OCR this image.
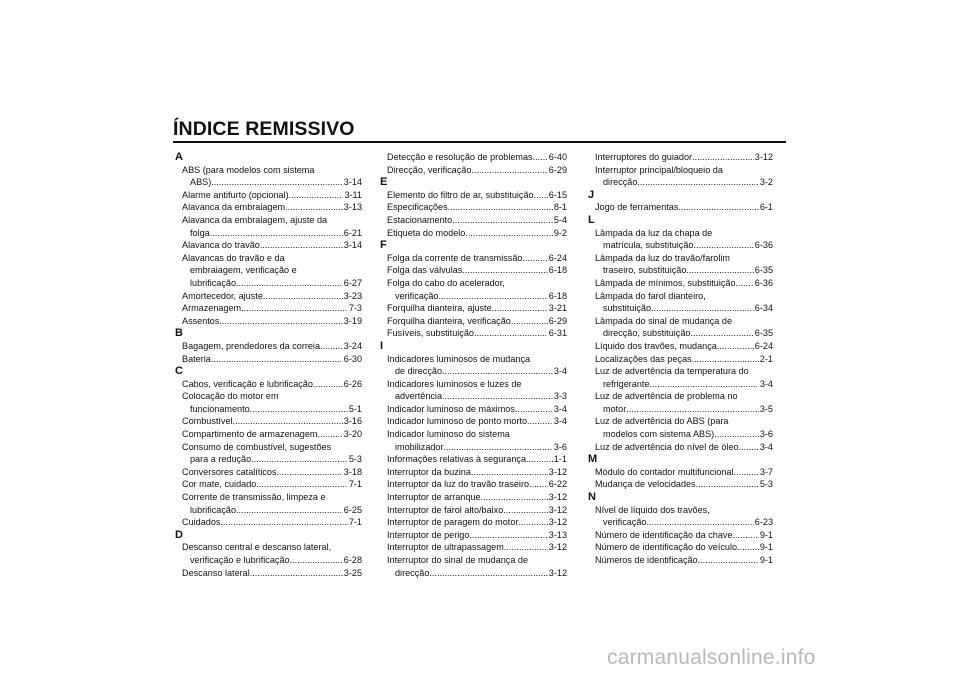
ÍNDICE REMISSIVO
A
ABS (para modelos com sistema
ABS) .....	3-14
Alarme antifurto (opcional) .....	3-11
Alavanca da embraiagem .....	3-13
Alavanca da embraiagem, ajuste da
folga .....	6-21
Alavanca do travão .....	3-14
Alavancas do travão e da
embraiagem, verificação e
lubrificação .....	6-27
Amortecedor, ajuste .....	3-23
Armazenagem .....	7-3
Assentos .....	3-19
B
Bagagem, prendedores da correia .....	3-24
Bateria .....	6-30
C
Cabos, verificação e lubrificação .....	6-26
Colocação do motor em
funcionamento .....	5-1
Combustível .....	3-16
Compartimento de armazenagem .....	3-20
Consumo de combustível, sugestões
para a redução .....	5-3
Conversores catalíticos .....	3-18
Cor mate, cuidado .....	7-1
Corrente de transmissão, limpeza e
lubrificação .....	6-25
Cuidados .....	7-1
D
Descanso central e descanso lateral,
verificação e lubrificação .....	6-28
Descanso lateral .....	3-25
Detecção e resolução de problemas ..... 6-40
Direcção, verificação .....	6-29
E
Elemento do filtro de ar, substituição ..... 6-15
Especificações .....	8-1
Estacionamento .....	5-4
Etiqueta do modelo .....	9-2
F
Folga da corrente de transmissão .....	6-24
Folga das válvulas .....	6-18
Folga do cabo do acelerador,
verificação .....	6-18
Forquilha dianteira, ajuste .....	3-21
Forquilha dianteira, verificação .....	6-29
Fusíveis, substituição .....	6-31
I
Indicadores luminosos de mudança
de direcção .....	3-4
Indicadores luminosos e luzes de
advertência .....	3-3
Indicador luminoso de máximos .....	3-4
Indicador luminoso de ponto morto .....	3-4
Indicador luminoso do sistema
imobilizador .....	3-6
Informações relativas à segurança .....	1-1
Interruptor da buzina .....	3-12
Interruptor da luz do travão traseiro ..... 6-22
Interruptor de arranque .....	3-12
Interruptor de farol alto/baixo .....	3-12
Interruptor de paragem do motor .....	3-12
Interruptor de perigo .....	3-13
Interruptor de ultrapassagem .....	3-12
Interruptor do sinal de mudança de
direcção .....	3-12
Interruptores do guiador .....	3-12
Interruptor principal/bloqueio da
direcção .....	3-2
J
Jogo de ferramentas .....	6-1
L
Lâmpada da luz da chapa de
matrícula, substituição .....	6-36
Lâmpada da luz do travão/farolim
traseiro, substituição .....	6-35
Lâmpada de mínimos, substituição ..... 6-36
Lâmpada do farol dianteiro,
substituição .....	6-34
Lâmpada do sinal de mudança de
direcção, substituição .....	6-35
Líquido dos travões, mudança .....	6-24
Localizações das peças .....	2-1
Luz de advertência da temperatura do
refrigerante .....	3-4
Luz de advertência de problema no
motor .....	3-5
Luz de advertência do ABS (para
modelos com sistema ABS) .....	3-6
Luz de advertência do nível de óleo ..... 3-4
M
Módulo do contador multifuncional .....	3-7
Mudança de velocidades .....	5-3
N
Nível de líquido dos travões,
verificação .....	6-23
Número de identificação da chave .....	9-1
Número de identificação do veículo .....	9-1
Números de identificação .....	9-1
carmanualsonline.info
